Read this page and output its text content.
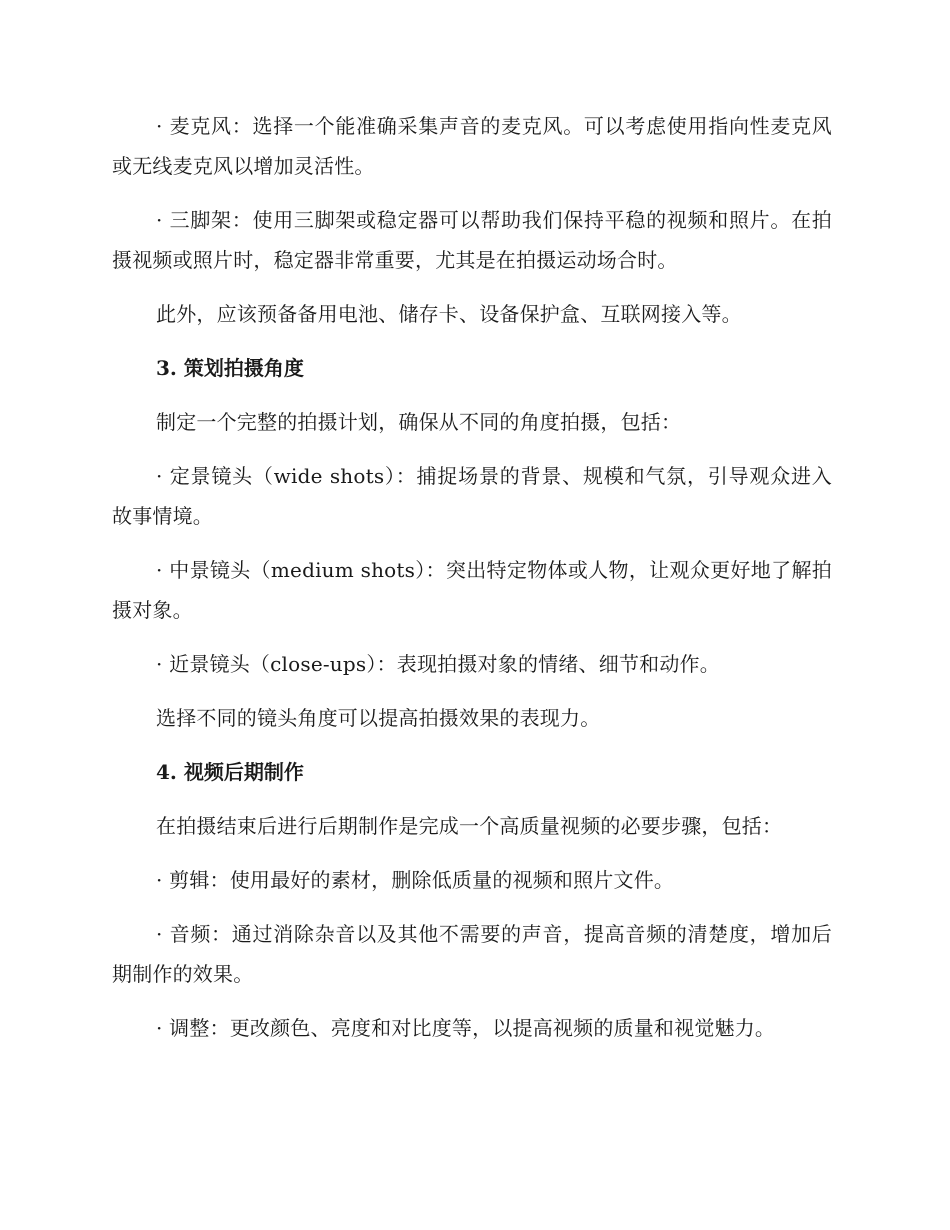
· 麦克风：选择一个能准确采集声音的麦克风。可以考虑使用指向性麦克风或无线麦克风以增加灵活性。

· 三脚架：使用三脚架或稳定器可以帮助我们保持平稳的视频和照片。在拍摄视频或照片时，稳定器非常重要，尤其是在拍摄运动场合时。

此外，应该预备备用电池、储存卡、设备保护盒、互联网接入等。

3. 策划拍摄角度

制定一个完整的拍摄计划，确保从不同的角度拍摄，包括：

· 定景镜头（wide shots）：捕捉场景的背景、规模和气氛，引导观众进入故事情境。

· 中景镜头（medium shots）：突出特定物体或人物，让观众更好地了解拍摄对象。

· 近景镜头（close-ups）：表现拍摄对象的情绪、细节和动作。

选择不同的镜头角度可以提高拍摄效果的表现力。

4. 视频后期制作

在拍摄结束后进行后期制作是完成一个高质量视频的必要步骤，包括：

· 剪辑：使用最好的素材，删除低质量的视频和照片文件。

· 音频：通过消除杂音以及其他不需要的声音，提高音频的清楚度，增加后期制作的效果。

· 调整：更改颜色、亮度和对比度等，以提高视频的质量和视觉魅力。
